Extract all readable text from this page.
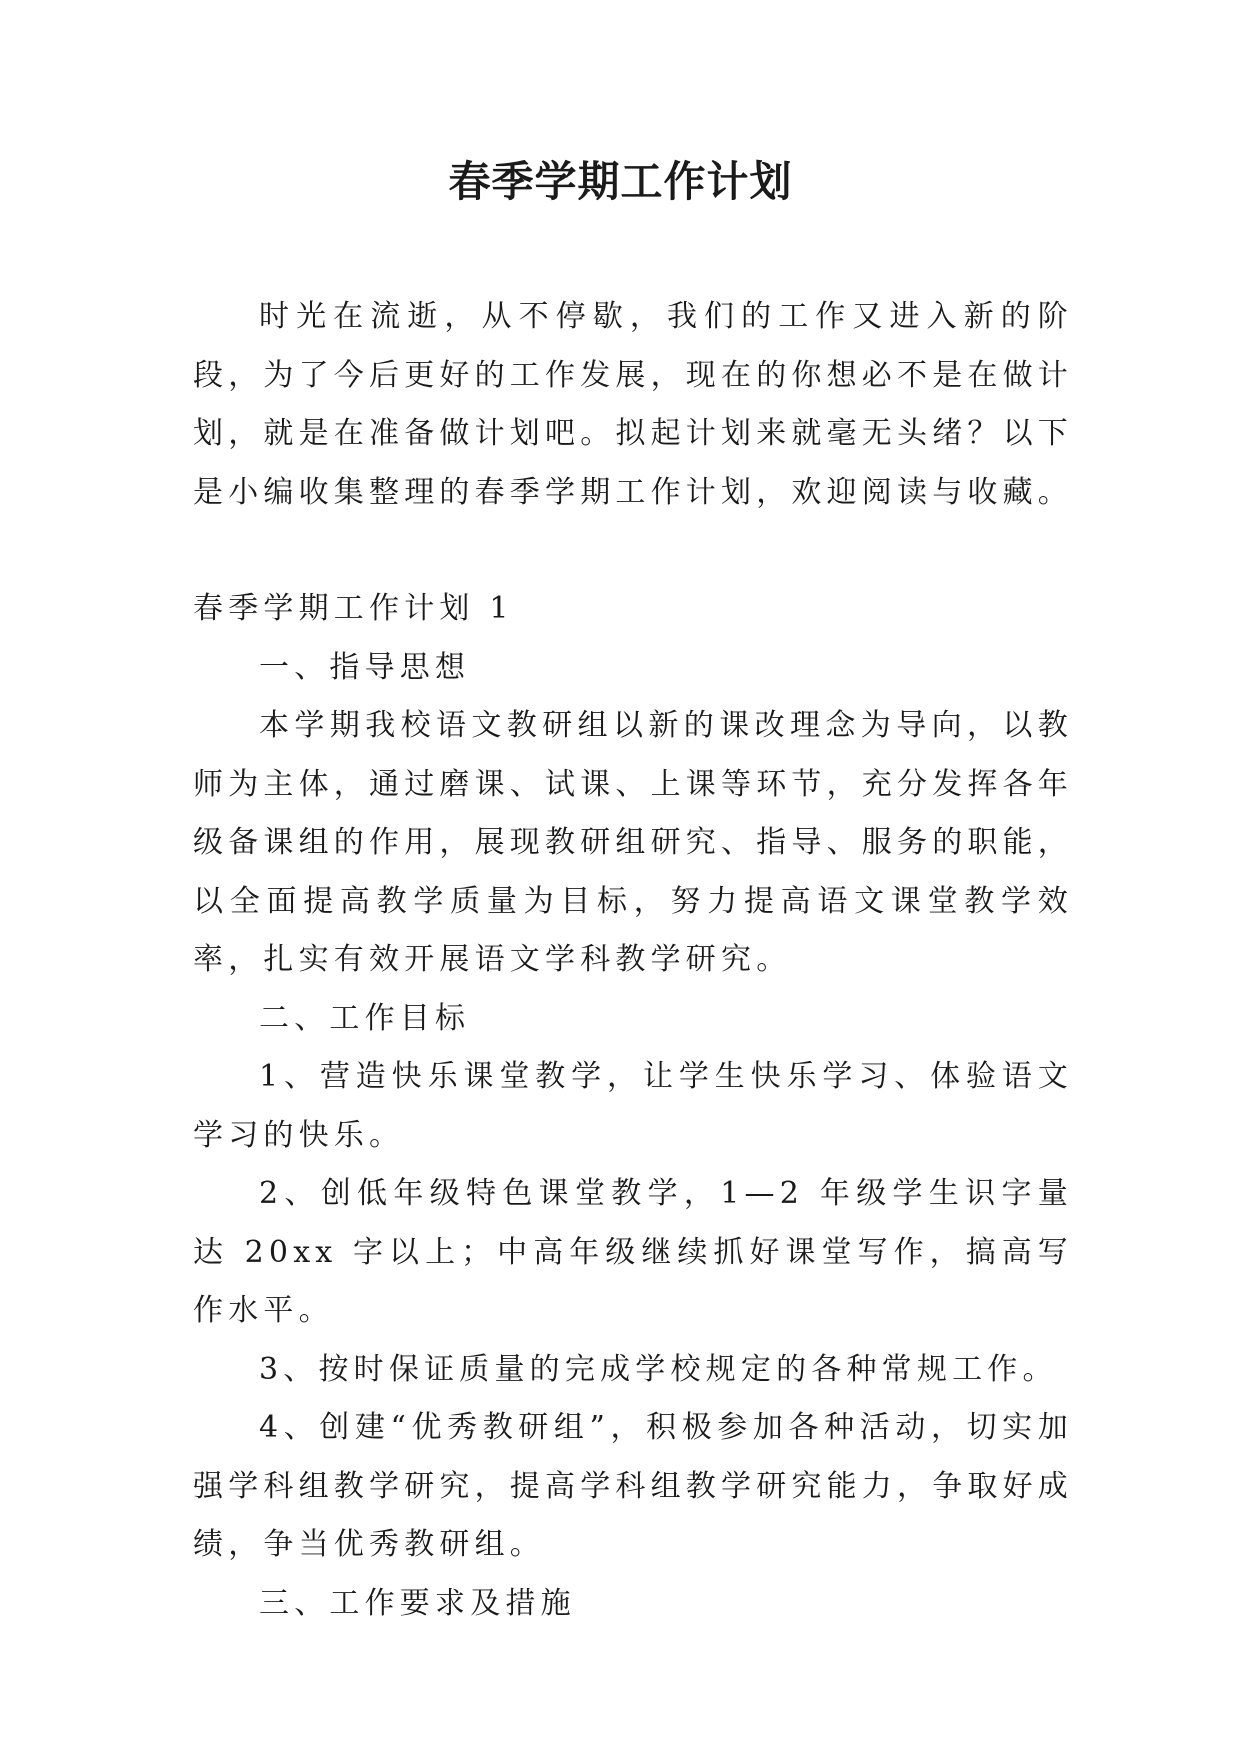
春季学期工作计划

时光在流逝，从不停歇，我们的工作又进入新的阶段，为了今后更好的工作发展，现在的你想必不是在做计划，就是在准备做计划吧。拟起计划来就毫无头绪？以下是小编收集整理的春季学期工作计划，欢迎阅读与收藏。

春季学期工作计划 1

一、指导思想

本学期我校语文教研组以新的课改理念为导向，以教师为主体，通过磨课、试课、上课等环节，充分发挥各年级备课组的作用，展现教研组研究、指导、服务的职能，以全面提高教学质量为目标，努力提高语文课堂教学效率，扎实有效开展语文学科教学研究。

二、工作目标

1、营造快乐课堂教学，让学生快乐学习、体验语文学习的快乐。

2、创低年级特色课堂教学，1—2 年级学生识字量达 20xx 字以上；中高年级继续抓好课堂写作，搞高写作水平。

3、按时保证质量的完成学校规定的各种常规工作。

4、创建“优秀教研组”，积极参加各种活动，切实加强学科组教学研究，提高学科组教学研究能力，争取好成绩，争当优秀教研组。

三、工作要求及措施
